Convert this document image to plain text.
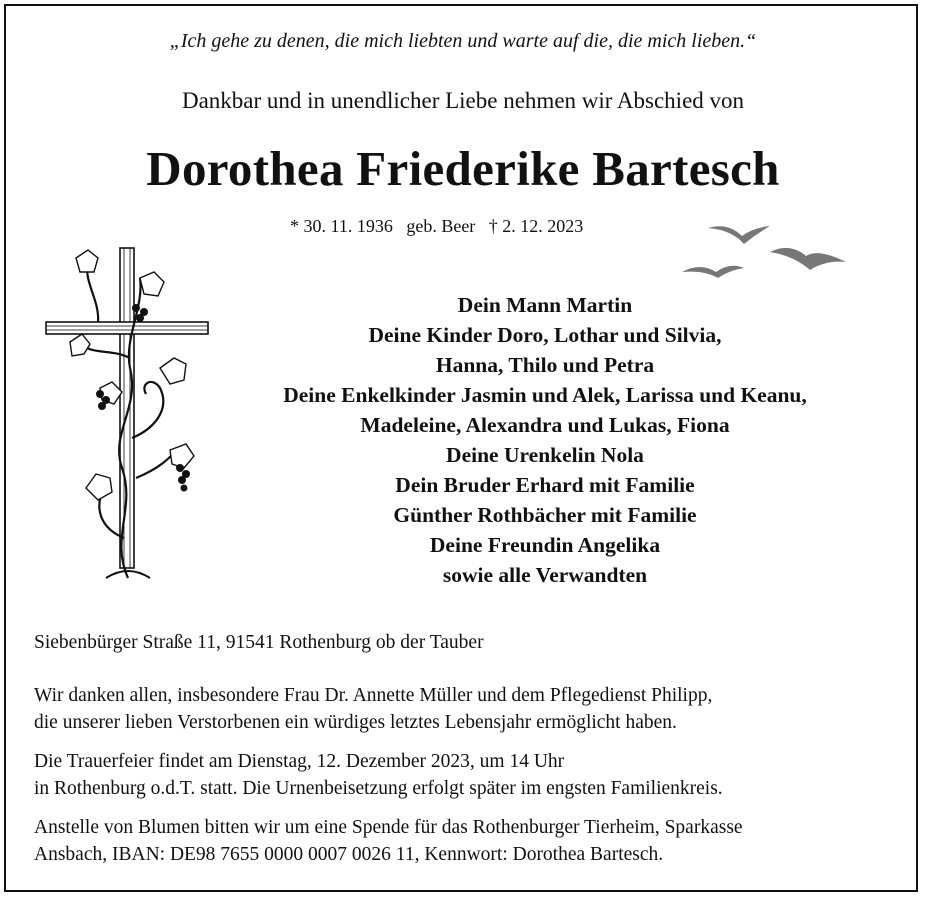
„Ich gehe zu denen, die mich liebten und warte auf die, die mich lieben.“
Dankbar und in unendlicher Liebe nehmen wir Abschied von
Dorothea Friederike Bartesch
* 30. 11. 1936   geb. Beer   † 2. 12. 2023
Dein Mann Martin
Deine Kinder Doro, Lothar und Silvia,
Hanna, Thilo und Petra
Deine Enkelkinder Jasmin und Alek, Larissa und Keanu,
Madeleine, Alexandra und Lukas, Fiona
Deine Urenkelin Nola
Dein Bruder Erhard mit Familie
Günther Rothbächer mit Familie
Deine Freundin Angelika
sowie alle Verwandten
Siebenbürger Straße 11, 91541 Rothenburg ob der Tauber
Wir danken allen, insbesondere Frau Dr. Annette Müller und dem Pflegedienst Philipp,
die unserer lieben Verstorbenen ein würdiges letztes Lebensjahr ermöglicht haben.
Die Trauerfeier findet am Dienstag, 12. Dezember 2023, um 14 Uhr
in Rothenburg o.d.T. statt. Die Urnenbeisetzung erfolgt später im engsten Familienkreis.
Anstelle von Blumen bitten wir um eine Spende für das Rothenburger Tierheim, Sparkasse
Ansbach, IBAN: DE98 7655 0000 0007 0026 11, Kennwort: Dorothea Bartesch.
